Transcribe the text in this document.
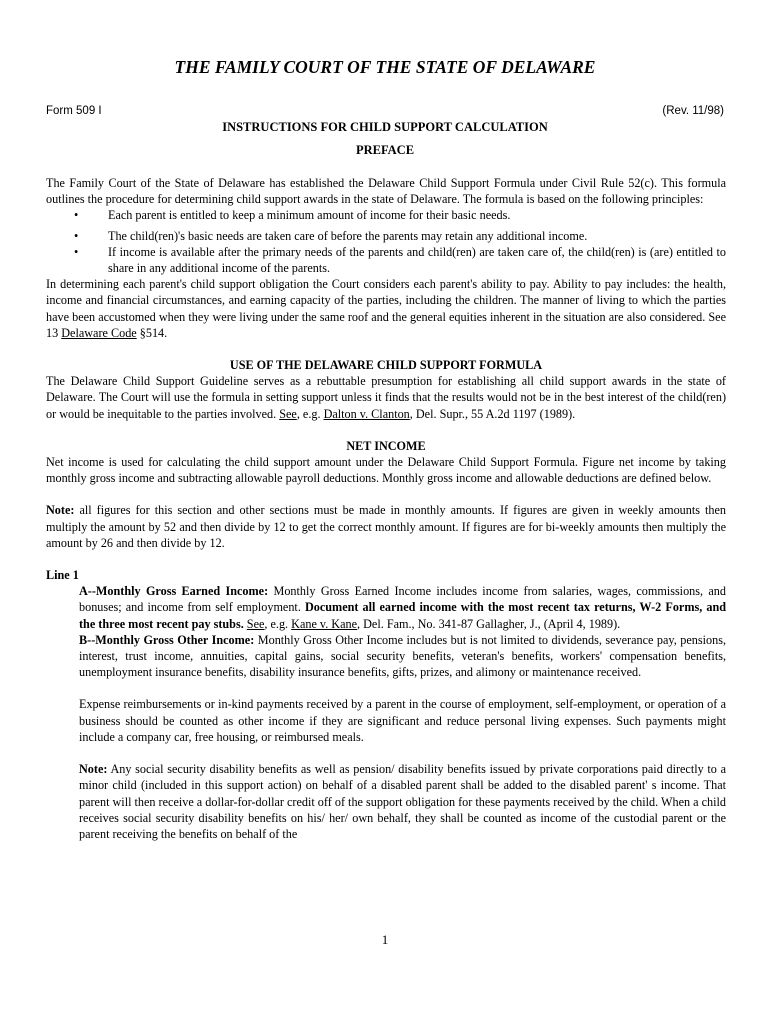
THE FAMILY COURT OF THE STATE OF DELAWARE
Form 509 I	(Rev. 11/98)
INSTRUCTIONS FOR CHILD SUPPORT CALCULATION
PREFACE

The Family Court of the State of Delaware has established the Delaware Child Support Formula under Civil Rule 52(c). This formula outlines the procedure for determining child support awards in the state of Delaware. The formula is based on the following principles:

• Each parent is entitled to keep a minimum amount of income for their basic needs.
• The child(ren)'s basic needs are taken care of before the parents may retain any additional income.
• If income is available after the primary needs of the parents and child(ren) are taken care of, the child(ren) is (are) entitled to share in any additional income of the parents.

In determining each parent's child support obligation the Court considers each parent's ability to pay. Ability to pay includes: the health, income and financial circumstances, and earning capacity of the parties, including the children. The manner of living to which the parties have been accustomed when they were living under the same roof and the general equities inherent in the situation are also considered. See 13 Delaware Code §514.

USE OF THE DELAWARE CHILD SUPPORT FORMULA

The Delaware Child Support Guideline serves as a rebuttable presumption for establishing all child support awards in the state of Delaware. The Court will use the formula in setting support unless it finds that the results would not be in the best interest of the child(ren) or would be inequitable to the parties involved. See, e.g. Dalton v. Clanton, Del. Supr., 55 A.2d 1197 (1989).

NET INCOME

Net income is used for calculating the child support amount under the Delaware Child Support Formula. Figure net income by taking monthly gross income and subtracting allowable payroll deductions. Monthly gross income and allowable deductions are defined below.

Note: all figures for this section and other sections must be made in monthly amounts. If figures are given in weekly amounts then multiply the amount by 52 and then divide by 12 to get the correct monthly amount. If figures are for bi-weekly amounts then multiply the amount by 26 and then divide by 12.

Line 1

A--Monthly Gross Earned Income: Monthly Gross Earned Income includes income from salaries, wages, commissions, and bonuses; and income from self employment. Document all earned income with the most recent tax returns, W-2 Forms, and the three most recent pay stubs. See, e.g. Kane v. Kane, Del. Fam., No. 341-87 Gallagher, J., (April 4, 1989).

B--Monthly Gross Other Income: Monthly Gross Other Income includes but is not limited to dividends, severance pay, pensions, interest, trust income, annuities, capital gains, social security benefits, veteran's benefits, workers' compensation benefits, unemployment insurance benefits, disability insurance benefits, gifts, prizes, and alimony or maintenance received.

Expense reimbursements or in-kind payments received by a parent in the course of employment, self-employment, or operation of a business should be counted as other income if they are significant and reduce personal living expenses. Such payments might include a company car, free housing, or reimbursed meals.

Note: Any social security disability benefits as well as pension/ disability benefits issued by private corporations paid directly to a minor child (included in this support action) on behalf of a disabled parent shall be added to the disabled parent' s income. That parent will then receive a dollar-for-dollar credit off of the support obligation for these payments received by the child. When a child receives social security disability benefits on his/ her/ own behalf, they shall be counted as income of the custodial parent or the parent receiving the benefits on behalf of the

1
